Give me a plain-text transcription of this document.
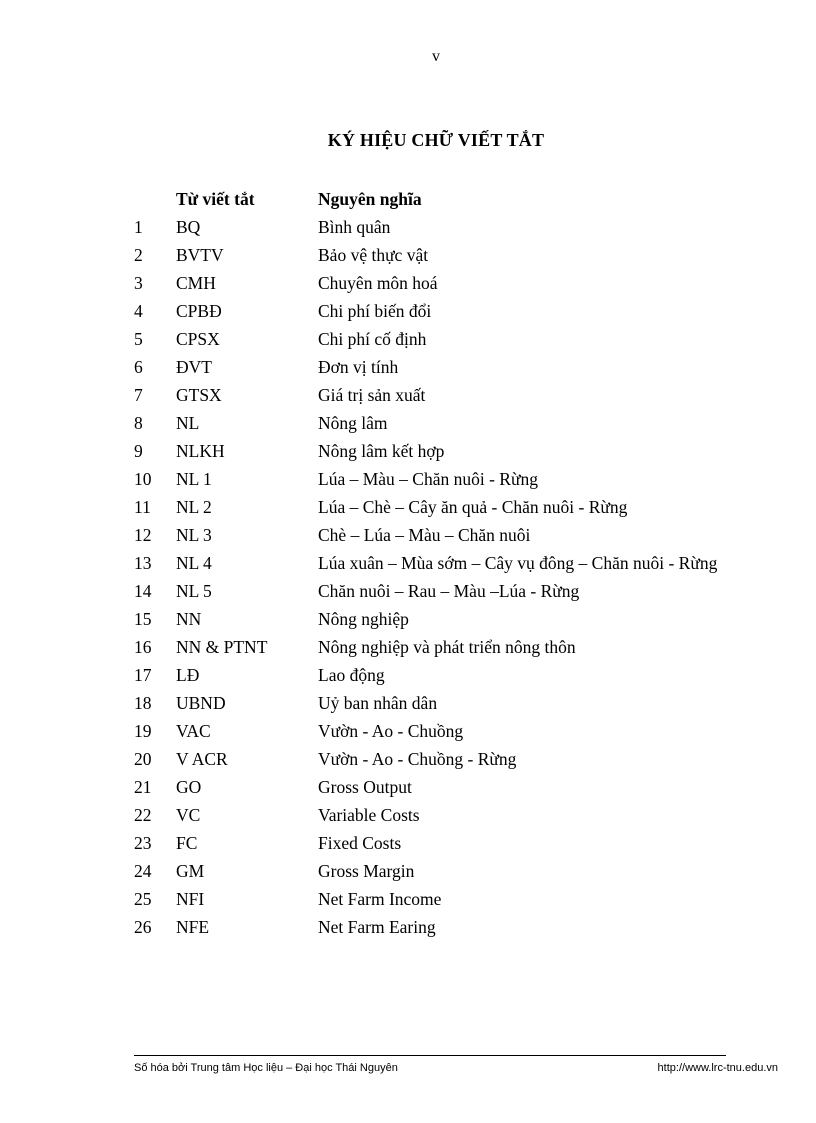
v
KÝ HIỆU CHỮ VIẾT TẮT
	Từ viết tắt	Nguyên nghĩa
1	BQ	Bình quân
2	BVTV	Bảo vệ thực vật
3	CMH	Chuyên môn hoá
4	CPBĐ	Chi phí biến đổi
5	CPSX	Chi phí cố định
6	ĐVT	Đơn vị tính
7	GTSX	Giá trị sản xuất
8	NL	Nông lâm
9	NLKH	Nông lâm kết hợp
10	NL 1	Lúa – Màu – Chăn nuôi - Rừng
11	NL 2	Lúa – Chè – Cây ăn quả - Chăn nuôi - Rừng
12	NL 3	Chè – Lúa – Màu – Chăn nuôi
13	NL 4	Lúa xuân – Mùa sớm – Cây vụ đông – Chăn nuôi - Rừng
14	NL 5	Chăn nuôi – Rau – Màu –Lúa - Rừng
15	NN	Nông nghiệp
16	NN & PTNT	Nông nghiệp và phát triển nông thôn
17	LĐ	Lao động
18	UBND	Uỷ ban nhân dân
19	VAC	Vườn - Ao - Chuồng
20	V ACR	Vườn - Ao - Chuồng - Rừng
21	GO	Gross Output
22	VC	Variable Costs
23	FC	Fixed Costs
24	GM	Gross Margin
25	NFI	Net Farm Income
26	NFE	Net Farm Earing
Số hóa bởi Trung tâm Học liệu – Đại học Thái Nguyên	http://www.lrc-tnu.edu.vn
